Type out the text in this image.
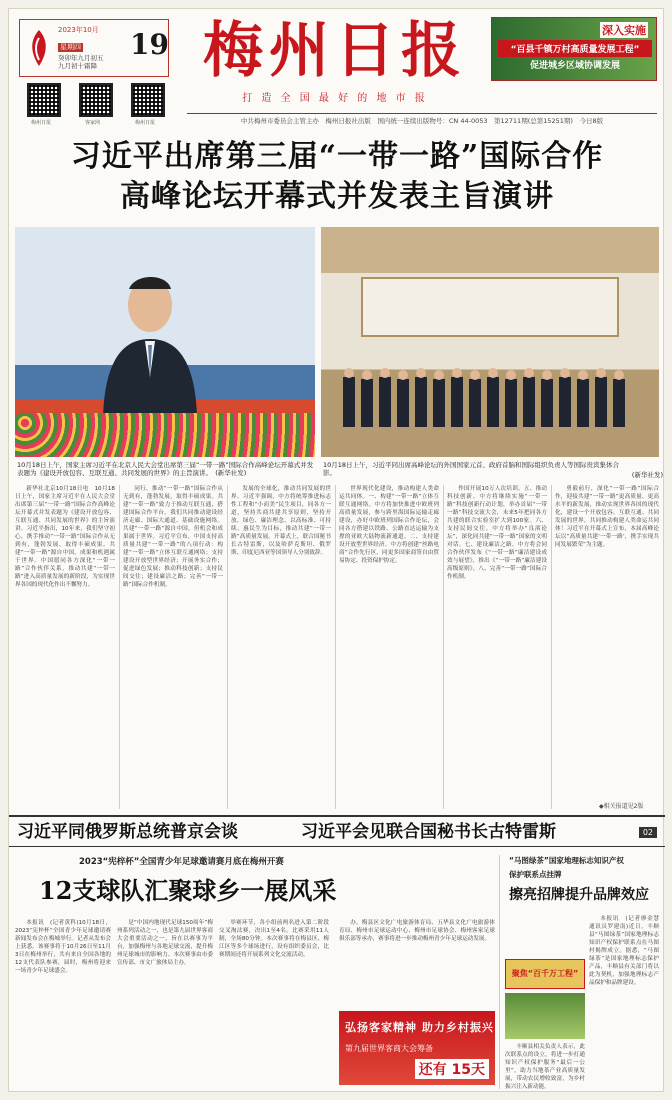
2023年10月
星期四	19
癸卯年九月初五
九月初十霜降
梅州日报	客家网	梅州日报
梅州日报
打 造 全 国 最 好 的 地 市 报
深入实施
“百县千镇万村高质量发展工程”
促进城乡区域协调发展
中共梅州市委员会主管主办　梅州日报社出版　国内统一连续出版物号：CN 44-0053　第12711期(总第15251期)　今日8版
习近平出席第三届“一带一路”国际合作
高峰论坛开幕式并发表主旨演讲
10月18日上午，国家主席习近平在北京人民大会堂出席第三届“一带一路”国际合作高峰论坛开幕式并发表题为《建设开放包容、互联互通、共同发展的世界》的主旨演讲。　(新华社发)
10月18日上午，习近平同出席高峰论坛的外国国家元首、政府首脑和国际组织负责人等国际贵宾集体合影。	(新华社发)

新华社北京10月18日电　10月18日上午，国家主席习近平在人民大会堂出席第三届“一带一路”国际合作高峰论坛开幕式并发表题为《建设开放包容、互联互通、共同发展的世界》的主旨演讲。习近平指出，10年来，我们坚守初心，携手推动“一带一路”国际合作从无到有，蓬勃发展，取得丰硕成果。共建“一带一路”源自中国，成果和机遇属于世界。中国愿同各方深化“一带一路”合作伙伴关系，推动共建“一带一路”进入高质量发展的新阶段，为实现世界各国的现代化作出不懈努力。

同行，推动“一带一路”国际合作从无到有，蓬勃发展，取得丰硕成果。共建“一带一路”致力于推动互联互通，搭建国际合作平台，我们共同推动建设经济走廊、国际大通道、基础设施网络。共建“一带一路”源自中国，但机会和成果属于世界。习近平宣布，中国支持高质量共建“一带一路”的八项行动：构建“一带一路”立体互联互通网络；支持建设开放型世界经济；开展务实合作；促进绿色发展；推动科技创新；支持民间交往；建设廉洁之路；完善“一带一路”国际合作机制。

发展的全球化，推动共同发展的世界。习近平强调，中方将统筹推进标志性工程和“小而美”民生项目，同各方一道，坚持共商共建共享原则，坚持开放、绿色、廉洁理念，以高标准、可持续、惠民生为目标，推动共建“一带一路”高质量发展。开幕式上，联合国秘书长古特雷斯，以及哈萨克斯坦、俄罗斯、印度尼西亚等国领导人分别致辞。

世界现代化建设，推动构建人类命运共同体。一、构建“一带一路”立体互联互通网络。中方将加快推进中欧班列高质量发展，参与跨里海国际运输走廊建设，办好中欧班列国际合作论坛，会同各方搭建以铁路、公路直达运输为支撑的亚欧大陆物流新通道。二、支持建设开放型世界经济。中方将创建“丝路电商”合作先行区，同更多国家商签自由贸易协定、投资保护协定。

作国开展10万人次培训。五、推动科技创新。中方将继续实施“一带一路”科技创新行动计划，举办首届“一带一路”科技交流大会，未来5年把同各方共建的联合实验室扩大到100家。六、支持民间交往。中方将举办“良渚论坛”，深化同共建“一带一路”国家的文明对话。七、建设廉洁之路。中方将会同合作伙伴发布《“一带一路”廉洁建设成效与展望》，推出《“一带一路”廉洁建设高级原则》。八、完善“一带一路”国际合作机制。

勇毅前行，深化“一带一路”国际合作，迎接共建“一带一路”更高质量、更高水平的新发展，推动实现世界各国的现代化，建设一个开放包容、互联互通、共同发展的世界，共同推动构建人类命运共同体！习近平在开幕式上宣布，本届高峰论坛以“高质量共建‘一带一路’，携手实现共同发展繁荣”为主题。

◆相关报道见2版
习近平同俄罗斯总统普京会谈	习近平会见联合国秘书长古特雷斯	02
2023“宪梓杯”全国青少年足球邀请赛月底在梅州开赛
12支球队汇聚球乡一展风采

本报讯　(记者黄科)10月18日，2023“宪梓杯”全国青少年足球邀请赛新闻发布会在梅城举行。记者从发布会上获悉，该赛事将于10月26日至11月3日在梅州举行，共有来自全国各地的12支代表队参赛，届时，梅州将迎来一场青少年足球盛会。

是“中国内地现代足球150周年”梅州系列活动之一，也是第九届世界客商大会重要活动之一，旨在以赛事为平台，加强梅州与各地足球交流，提升梅州足球城市的影响力。本次赛事由市委宣传部、市文广旅体局主办。

举赛环节，各小组前两名进入第二阶段交叉淘汰赛，决出1至4名。比赛采用11人制，全场80分钟。本次赛事将在梅县区、梅江区等多个球场进行，设有组织委员会，比赛期间还将开展系列文化交流活动。

办，梅县区文化广电旅游体育局、五华县文化广电旅游体育局、梅州市足球运动中心、梅州市足球协会、梅州客家足球俱乐部等承办，赛事将进一步推动梅州青少年足球运动发展。

弘扬客家精神 助力乡村振兴
第九届世界客商大会筹备
还有 15天
“马图绿茶”国家地理标志知识产权
保护联系点挂牌
擦亮招牌提升品牌效应
聚焦“百千万工程”

本报讯　(记者廖金慧　通讯员罗建南)近日，丰顺县“马图绿茶”国家地理标志知识产权保护联系点在马图村揭牌成立。据悉，“马图绿茶”是国家地理标志保护产品，丰顺县有关部门将以此为契机，加强地理标志产品保护和品牌建设。

丰顺县相关负责人表示，此次联系点的设立，将进一步打通知识产权保护服务“最后一公里”，助力当地茶产业高质量发展，带动农民增收致富，为乡村振兴注入新动能。
